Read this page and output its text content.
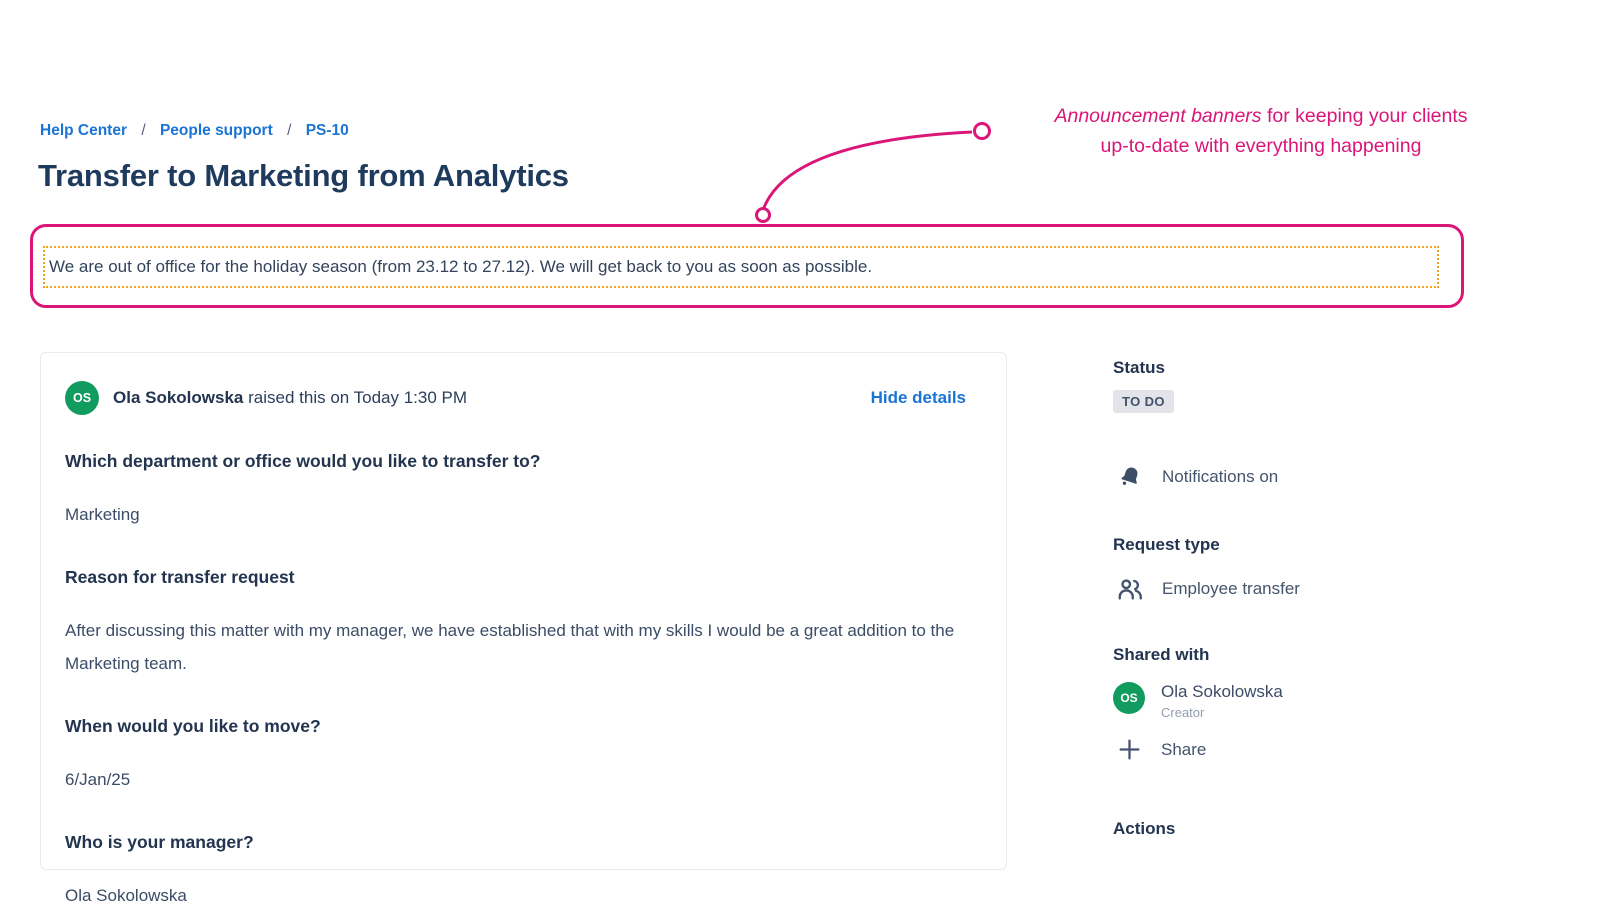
Help Center / People support / PS-10
Transfer to Marketing from Analytics
Announcement banners for keeping your clients
up-to-date with everything happening
We are out of office for the holiday season (from 23.12 to 27.12). We will get back to you as soon as possible.
OS	Ola Sokolowska raised this on Today 1:30 PM	Hide details

Which department or office would you like to transfer to?

Marketing

Reason for transfer request

After discussing this matter with my manager, we have established that with my skills I would be a great addition to the Marketing team.

When would you like to move?

6/Jan/25

Who is your manager?

Ola Sokolowska

Status
TO DO
Notifications on
Request type
Employee transfer
Shared with
OS	Ola Sokolowska
Creator
Share
Actions
